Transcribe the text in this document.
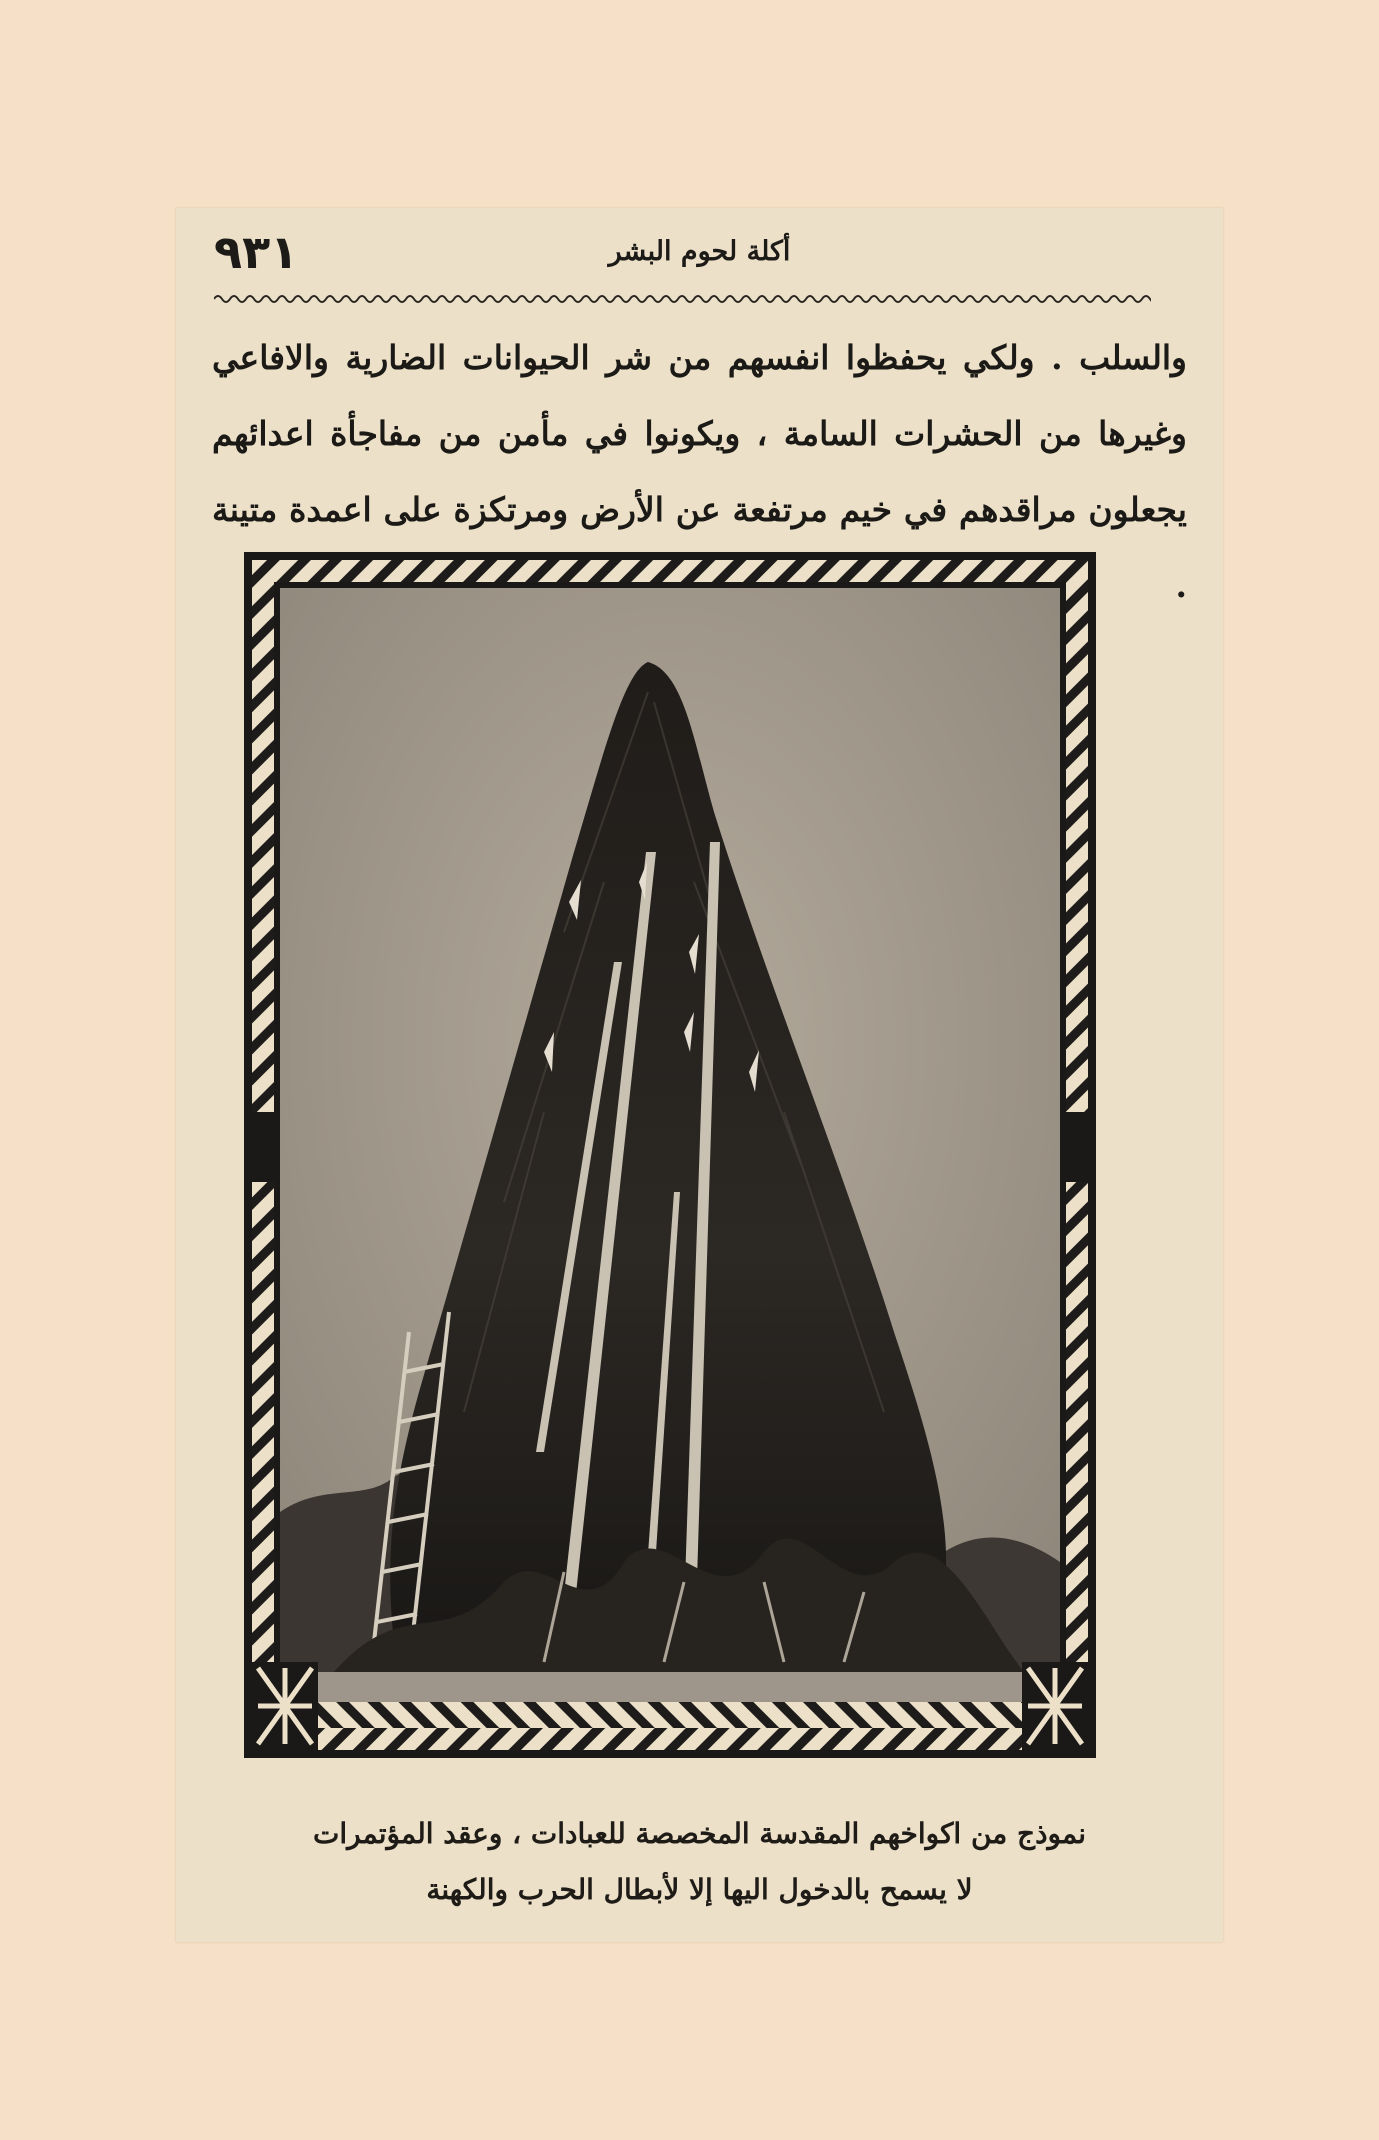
٩٣١	أكلة لحوم البشر
والسلب . ولكي يحفظوا انفسهم من شر الحيوانات الضارية والافاعي وغيرها من الحشرات السامة ، ويكونوا في مأمن من مفاجأة اعدائهم يجعلون مراقدهم في خيم مرتفعة عن الأرض ومرتكزة على اعمدة متينة .
نموذج من اكواخهم المقدسة المخصصة للعبادات ، وعقد المؤتمرات
لا يسمح بالدخول اليها إلا لأبطال الحرب والكهنة
